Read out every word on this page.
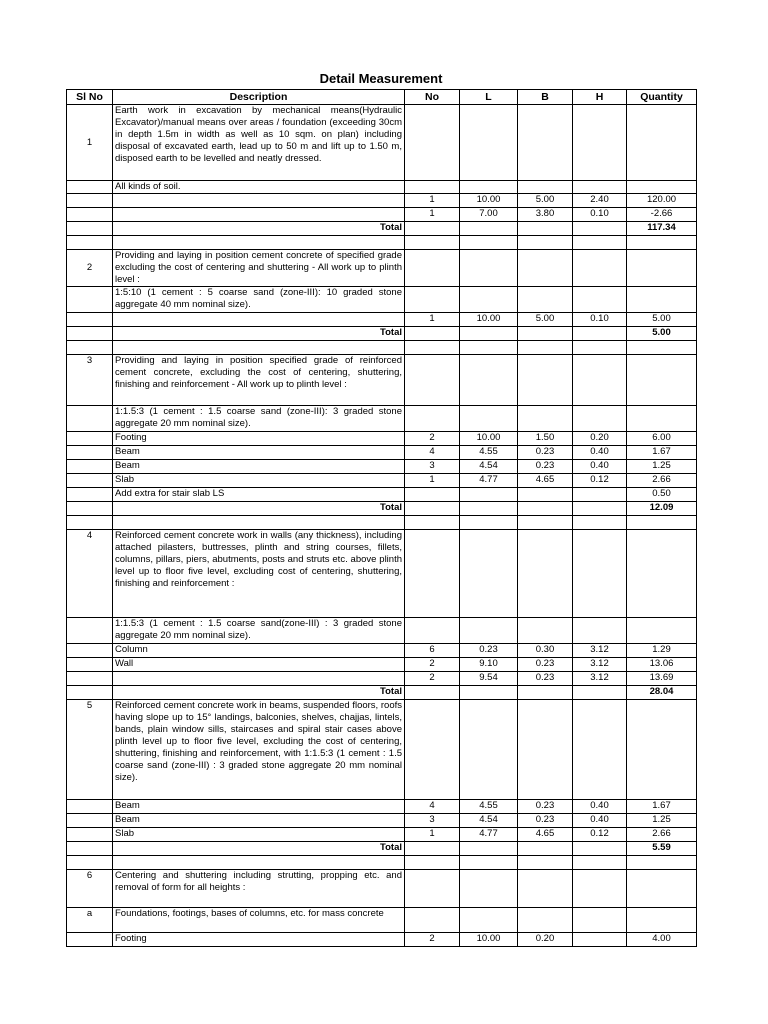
Detail Measurement
Sl No	Description	No	L	B	H	Quantity
1	Earth work in excavation by mechanical means(Hydraulic Excavator)/manual means over areas / foundation (exceeding 30cm in depth 1.5m in width as well as 10 sqm. on plan) including disposal of excavated earth, lead up to 50 m and lift up to 1.50 m, disposed earth to be levelled and neatly dressed.					
	All kinds of soil.					
		1	10.00	5.00	2.40	120.00
		1	7.00	3.80	0.10	-2.66
	Total					117.34

2	Providing and laying in position cement concrete of specified grade excluding the cost of centering and shuttering - All work up to plinth level :					
	1:5:10 (1 cement : 5 coarse sand (zone-III): 10 graded stone aggregate 40 mm nominal size).					
		1	10.00	5.00	0.10	5.00
	Total					5.00

3	Providing and laying in position specified grade of reinforced cement concrete, excluding the cost of centering, shuttering, finishing and reinforcement - All work up to plinth level :					
	1:1.5:3 (1 cement : 1.5 coarse sand (zone-III): 3 graded stone aggregate 20 mm nominal size).					
	Footing	2	10.00	1.50	0.20	6.00
	Beam	4	4.55	0.23	0.40	1.67
	Beam	3	4.54	0.23	0.40	1.25
	Slab	1	4.77	4.65	0.12	2.66
	Add extra for stair slab LS					0.50
	Total					12.09

4	Reinforced cement concrete work in walls (any thickness), including attached pilasters, buttresses, plinth and string courses, fillets, columns, pillars, piers, abutments, posts and struts etc. above plinth level up to floor five level, excluding cost of centering, shuttering, finishing and reinforcement :					
	1:1.5:3 (1 cement : 1.5 coarse sand(zone-III) : 3 graded stone aggregate 20 mm nominal size).					
	Column	6	0.23	0.30	3.12	1.29
	Wall	2	9.10	0.23	3.12	13.06
		2	9.54	0.23	3.12	13.69
	Total					28.04
5	Reinforced cement concrete work in beams, suspended floors, roofs having slope up to 15° landings, balconies, shelves, chajjas, lintels, bands, plain window sills, staircases and spiral stair cases above plinth level up to floor five level, excluding the cost of centering, shuttering, finishing and reinforcement, with 1:1.5:3 (1 cement : 1.5 coarse sand (zone-III) : 3 graded stone aggregate 20 mm nominal size).					
	Beam	4	4.55	0.23	0.40	1.67
	Beam	3	4.54	0.23	0.40	1.25
	Slab	1	4.77	4.65	0.12	2.66
	Total					5.59

6	Centering and shuttering including strutting, propping etc. and removal of form for all heights :					
a	Foundations, footings, bases of columns, etc. for mass concrete					
	Footing	2	10.00	0.20		4.00
